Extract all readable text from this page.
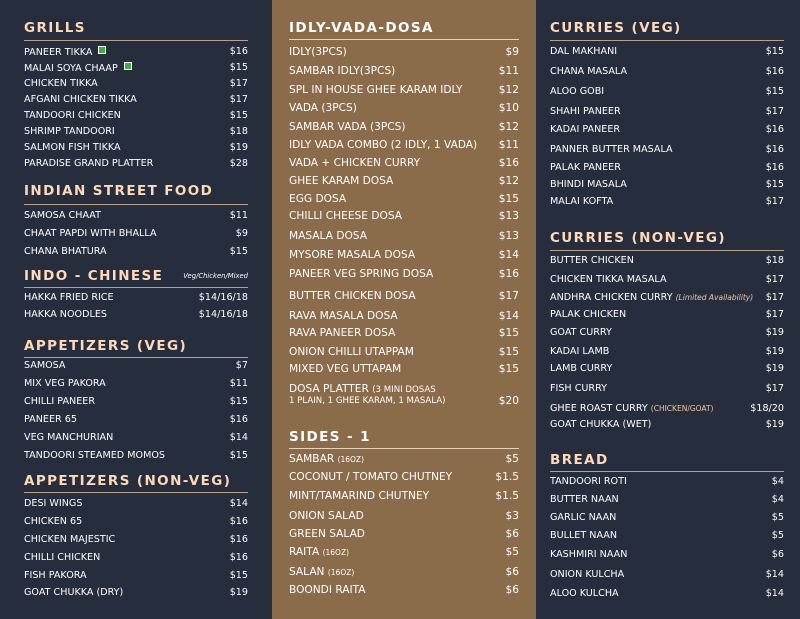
GRILLS
PANEER TIKKA	$16
MALAI SOYA CHAAP	$15
CHICKEN TIKKA	$17
AFGANI CHICKEN TIKKA	$17
TANDOORI CHICKEN	$15
SHRIMP TANDOORI	$18
SALMON FISH TIKKA	$19
PARADISE GRAND PLATTER	$28
INDIAN STREET FOOD
SAMOSA CHAAT	$11
CHAAT PAPDI WITH BHALLA	$9
CHANA BHATURA	$15
INDO - CHINESE	Veg/Chicken/Mixed
HAKKA FRIED RICE	$14/16/18
HAKKA NOODLES	$14/16/18
APPETIZERS (VEG)
SAMOSA	$7
MIX VEG PAKORA	$11
CHILLI PANEER	$15
PANEER 65	$16
VEG MANCHURIAN	$14
TANDOORI STEAMED MOMOS	$15
APPETIZERS (NON-VEG)
DESI WINGS	$14
CHICKEN 65	$16
CHICKEN MAJESTIC	$16
CHILLI CHICKEN	$16
FISH PAKORA	$15
GOAT CHUKKA (DRY)	$19
IDLY-VADA-DOSA
IDLY(3PCS)	$9
SAMBAR IDLY(3PCS)	$11
SPL IN HOUSE GHEE KARAM IDLY	$12
VADA (3PCS)	$10
SAMBAR VADA (3PCS)	$12
IDLY VADA COMBO (2 IDLY, 1 VADA) $11
VADA + CHICKEN CURRY	$16
GHEE KARAM DOSA	$12
EGG DOSA	$15
CHILLI CHEESE DOSA	$13
MASALA DOSA	$13
MYSORE MASALA DOSA	$14
PANEER VEG SPRING DOSA	$16
BUTTER CHICKEN DOSA	$17
RAVA MASALA DOSA	$14
RAVA PANEER DOSA	$15
ONION CHILLI UTAPPAM	$15
MIXED VEG UTTAPAM	$15
DOSA PLATTER (3 MINI DOSAS
1 PLAIN, 1 GHEE KARAM, 1 MASALA)	$20
SIDES - 1
SAMBAR (16OZ)	$5
COCONUT / TOMATO CHUTNEY	$1.5
MINT/TAMARIND CHUTNEY	$1.5
ONION SALAD	$3
GREEN SALAD	$6
RAITA (16OZ)	$5
SALAN (16OZ)	$6
BOONDI RAITA	$6
CURRIES (VEG)
DAL MAKHANI	$15
CHANA MASALA	$16
ALOO GOBI	$15
SHAHI PANEER	$17
KADAI PANEER	$16
PANNER BUTTER MASALA	$16
PALAK PANEER	$16
BHINDI MASALA	$15
MALAI KOFTA	$17
CURRIES (NON-VEG)
BUTTER CHICKEN	$18
CHICKEN TIKKA MASALA	$17
ANDHRA CHICKEN CURRY (Limited Availability) $17
PALAK CHICKEN	$17
GOAT CURRY	$19
KADAI LAMB	$19
LAMB CURRY	$19
FISH CURRY	$17
GHEE ROAST CURRY (CHICKEN/GOAT)	$18/20
GOAT CHUKKA (WET)	$19
BREAD
TANDOORI ROTI	$4
BUTTER NAAN	$4
GARLIC NAAN	$5
BULLET NAAN	$5
KASHMIRI NAAN	$6
ONION KULCHA	$14
ALOO KULCHA	$14
